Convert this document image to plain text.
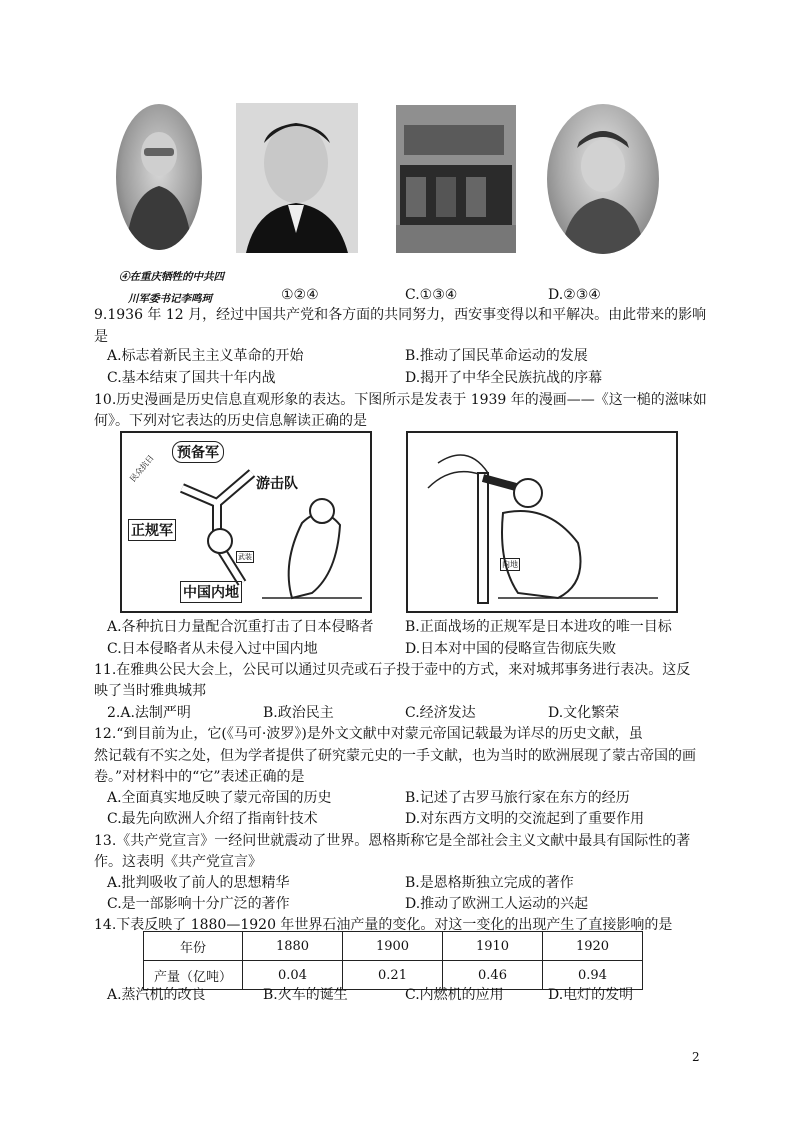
④在重庆牺牲的中共四
川军委书记李鸣珂	①②④	C.①③④	D.②③④
9.1936 年 12 月，经过中国共产党和各方面的共同努力，西安事变得以和平解决。由此带来的影响
是
A.标志着新民主主义革命的开始	B.推动了国民革命运动的发展
C.基本结束了国共十年内战	D.揭开了中华全民族抗战的序幕
10.历史漫画是历史信息直观形象的表达。下图所示是发表于 1939 年的漫画——《这一槌的滋味如
何》。下列对它表达的历史信息解读正确的是
预备军
游击队
正规军
中国内地
民众抗日
武装
内地
A.各种抗日力量配合沉重打击了日本侵略者 B.正面战场的正规军是日本进攻的唯一目标
C.日本侵略者从未侵入过中国内地	D.日本对中国的侵略宣告彻底失败
11.在雅典公民大会上，公民可以通过贝壳或石子投于壶中的方式，来对城邦事务进行表决。这反
映了当时雅典城邦
2.A.法制严明	B.政治民主	C.经济发达	D.文化繁荣
12.“到目前为止，它(《马可·波罗》)是外文文献中对蒙元帝国记载最为详尽的历史文献，虽
然记载有不实之处，但为学者提供了研究蒙元史的一手文献，也为当时的欧洲展现了蒙古帝国的画
卷。”对材料中的“它”表述正确的是
A.全面真实地反映了蒙元帝国的历史	B.记述了古罗马旅行家在东方的经历
C.最先向欧洲人介绍了指南针技术	D.对东西方文明的交流起到了重要作用
13.《共产党宣言》一经问世就震动了世界。恩格斯称它是全部社会主义文献中最具有国际性的著
作。这表明《共产党宣言》
A.批判吸收了前人的思想精华	B.是恩格斯独立完成的著作
C.是一部影响十分广泛的著作	D.推动了欧洲工人运动的兴起
14.下表反映了 1880—1920 年世界石油产量的变化。对这一变化的出现产生了直接影响的是
年份	1880	1900	1910	1920
产量（亿吨）	0.04	0.21	0.46	0.94
A.蒸汽机的改良	B.火车的诞生	C.内燃机的应用	D.电灯的发明
2
